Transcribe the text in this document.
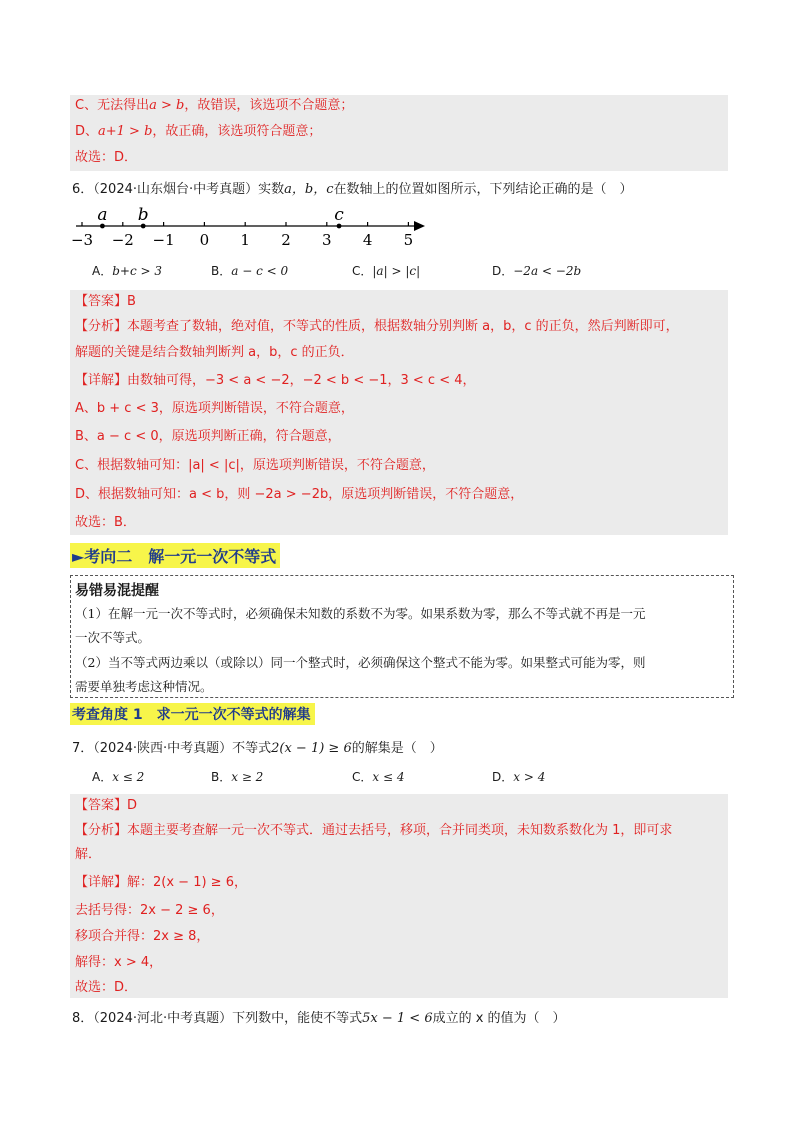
C、无法得出a > b，故错误，该选项不合题意；
D、a+1 > b，故正确，该选项符合题意；
故选：D．
6．（2024·山东烟台·中考真题）实数a，b，c在数轴上的位置如图所示，下列结论正确的是（　）
−3 −2 −1 0 1 2 3 4 5
a b	c
A．b+c > 3	B．a − c < 0	C．|a| > |c|	D．−2a < −2b
【答案】B
【分析】本题考查了数轴，绝对值，不等式的性质，根据数轴分别判断 a，b，c 的正负，然后判断即可，
解题的关键是结合数轴判断判 a，b，c 的正负．
【详解】由数轴可得，−3 < a < −2，−2 < b < −1，3 < c < 4，
A、b + c < 3，原选项判断错误，不符合题意，
B、a − c < 0，原选项判断正确，符合题意，
C、根据数轴可知：|a| < |c|，原选项判断错误，不符合题意，
D、根据数轴可知：a < b，则 −2a > −2b，原选项判断错误，不符合题意，
故选：B．
►考向二　解一元一次不等式
易错易混提醒
（1）在解一元一次不等式时，必须确保未知数的系数不为零。如果系数为零，那么不等式就不再是一元
一次不等式。
（2）当不等式两边乘以（或除以）同一个整式时，必须确保这个整式不能为零。如果整式可能为零，则
需要单独考虑这种情况。
考查角度 1　求一元一次不等式的解集
7．（2024·陕西·中考真题）不等式2(x − 1) ≥ 6的解集是（　）
A．x ≤ 2	B．x ≥ 2	C．x ≤ 4	D．x > 4
【答案】D
【分析】本题主要考查解一元一次不等式．通过去括号，移项，合并同类项，未知数系数化为 1，即可求
解．
【详解】解：2(x − 1) ≥ 6，
去括号得：2x − 2 ≥ 6，
移项合并得：2x ≥ 8，
解得：x > 4，
故选：D．
8．（2024·河北·中考真题）下列数中，能使不等式5x − 1 < 6成立的 x 的值为（　）
